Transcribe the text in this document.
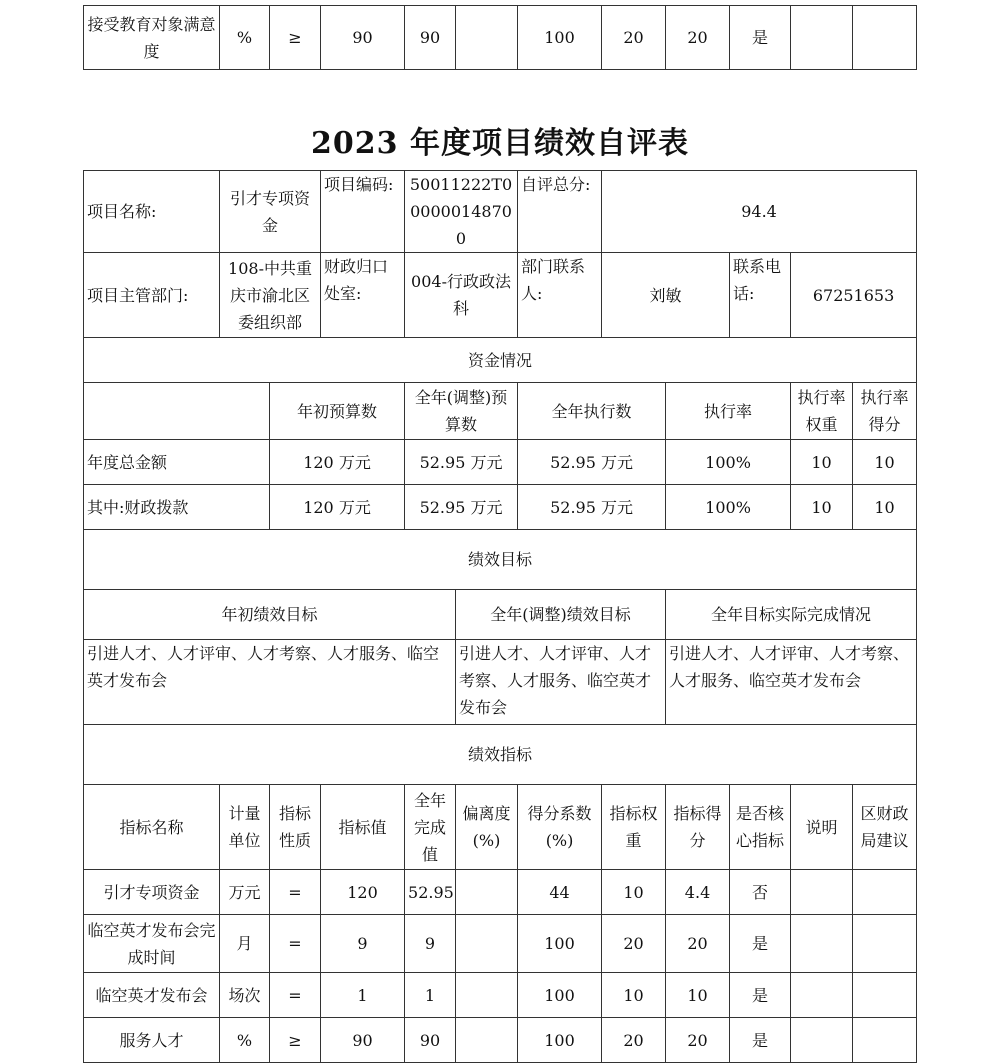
接受教育对象满意度	%	≥	90	90		100	20	20	是		
2023 年度项目绩效自评表
项目名称:	引才专项资金		项目编码:	50011222T000000148700		自评总分:	94.4				
项目主管部门:	108-中共重庆市渝北区委组织部		财政归口处室:	004-行政政法科		部门联系人:	刘敏		联系电话:	67251653	
资金情况											
		年初预算数		全年(调整)预算数		全年执行数		执行率		执行率权重	执行率得分
年度总金额		120 万元		52.95 万元		52.95 万元		100%		10	10
其中:财政拨款		120 万元		52.95 万元		52.95 万元		100%		10	10
绩效目标											
年初绩效目标					全年(调整)绩效目标			全年目标实际完成情况			
引进人才、人才评审、人才考察、人才服务、临空英才发布会					引进人才、人才评审、人才考察、人才服务、临空英才发布会			引进人才、人才评审、人才考察、人才服务、临空英才发布会			
绩效指标											
指标名称	计量单位	指标性质	指标值	全年完成值	偏离度(%)	得分系数(%)	指标权重	指标得分	是否核心指标	说明	区财政局建议
引才专项资金	万元	=	120	52.95		44	10	4.4	否		
临空英才发布会完成时间	月	=	9	9		100	20	20	是		
临空英才发布会	场次	=	1	1		100	10	10	是		
服务人才	%	≥	90	90		100	20	20	是		
